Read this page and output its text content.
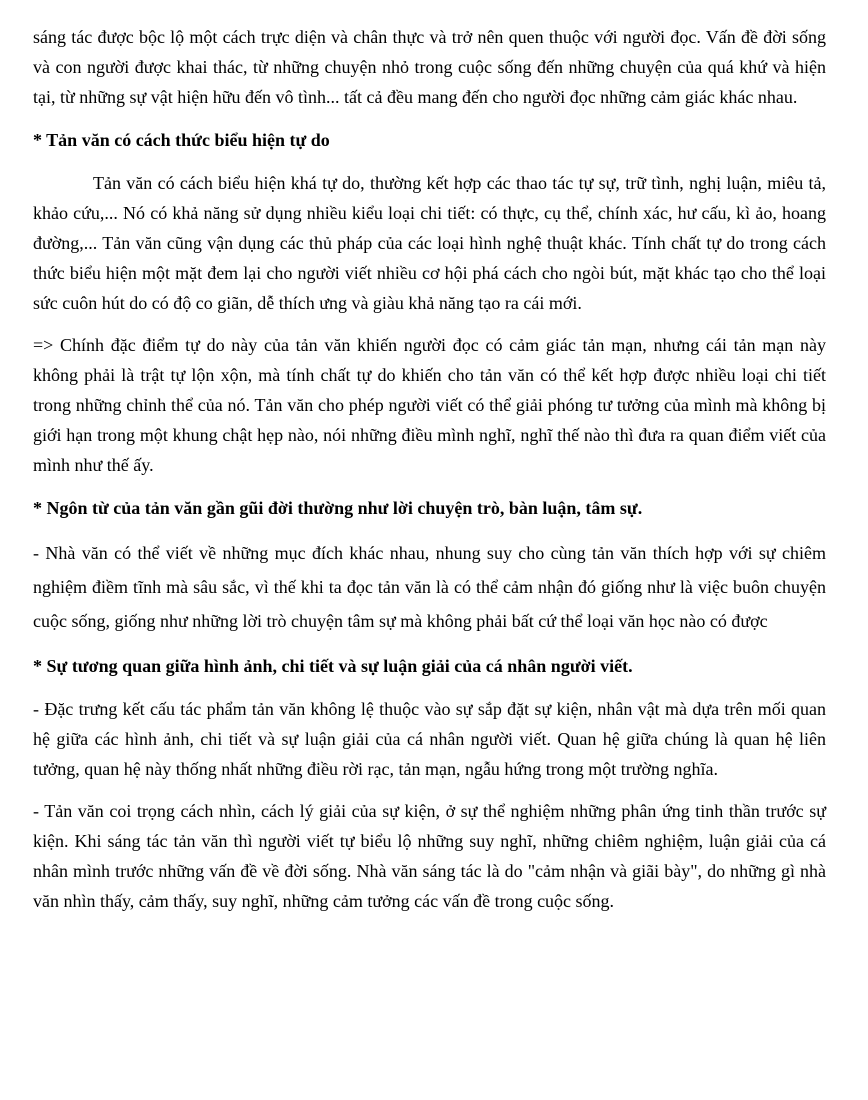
sáng tác được bộc lộ một cách trực diện và chân thực và trở nên quen thuộc với người đọc. Vấn đề đời sống và con người được khai thác, từ những chuyện nhỏ trong cuộc sống đến những chuyện của quá khứ và hiện tại, từ những sự vật hiện hữu đến vô tình... tất cả đều mang đến cho người đọc những cảm giác khác nhau.

* Tản văn có cách thức biểu hiện tự do

Tản văn có cách biểu hiện khá tự do, thường kết hợp các thao tác tự sự, trữ tình, nghị luận, miêu tả, khảo cứu,... Nó có khả năng sử dụng nhiều kiểu loại chi tiết: có thực, cụ thể, chính xác, hư cấu, kì ảo, hoang đường,... Tản văn cũng vận dụng các thủ pháp của các loại hình nghệ thuật khác. Tính chất tự do trong cách thức biểu hiện một mặt đem lại cho người viết nhiều cơ hội phá cách cho ngòi bút, mặt khác tạo cho thể loại sức cuôn hút do có độ co giãn, dễ thích ưng và giàu khả năng tạo ra cái mới.

=> Chính đặc điểm tự do này của tản văn khiến người đọc có cảm giác tản mạn, nhưng cái tản mạn này không phải là trật tự lộn xộn, mà tính chất tự do khiến cho tản văn có thể kết hợp được nhiều loại chi tiết trong những chỉnh thể của nó. Tản văn cho phép người viết có thể giải phóng tư tưởng của mình mà không bị giới hạn trong một khung chật hẹp nào, nói những điều mình nghĩ, nghĩ thế nào thì đưa ra quan điểm viết của mình như thế ấy.

* Ngôn từ của tản văn gần gũi đời thường như lời chuyện trò, bàn luận, tâm sự.

- Nhà văn có thể viết về những mục đích khác nhau, nhung suy cho cùng tản văn thích hợp với sự chiêm nghiệm điềm tĩnh mà sâu sắc, vì thế khi ta đọc tản văn là có thể cảm nhận đó giống như là việc buôn chuyện cuộc sống, giống như những lời trò chuyện tâm sự mà không phải bất cứ thể loại văn học nào có được

* Sự tương quan giữa hình ảnh, chi tiết và sự luận giải của cá nhân người viết.

- Đặc trưng kết cấu tác phẩm tản văn không lệ thuộc vào sự sắp đặt sự kiện, nhân vật mà dựa trên mối quan hệ giữa các hình ảnh, chi tiết và sự luận giải của cá nhân người viết. Quan hệ giữa chúng là quan hệ liên tưởng, quan hệ này thống nhất những điều rời rạc, tản mạn, ngẫu hứng trong một trường nghĩa.

- Tản văn coi trọng cách nhìn, cách lý giải của sự kiện, ở sự thể nghiệm những phân ứng tinh thần trước sự kiện. Khi sáng tác tản văn thì người viết tự biểu lộ những suy nghĩ, những chiêm nghiệm, luận giải của cá nhân mình trước những vấn đề về đời sống. Nhà văn sáng tác là do "cảm nhận và giãi bày", do những gì nhà văn nhìn thấy, cảm thấy, suy nghĩ, những cảm tưởng các vấn đề trong cuộc sống.
